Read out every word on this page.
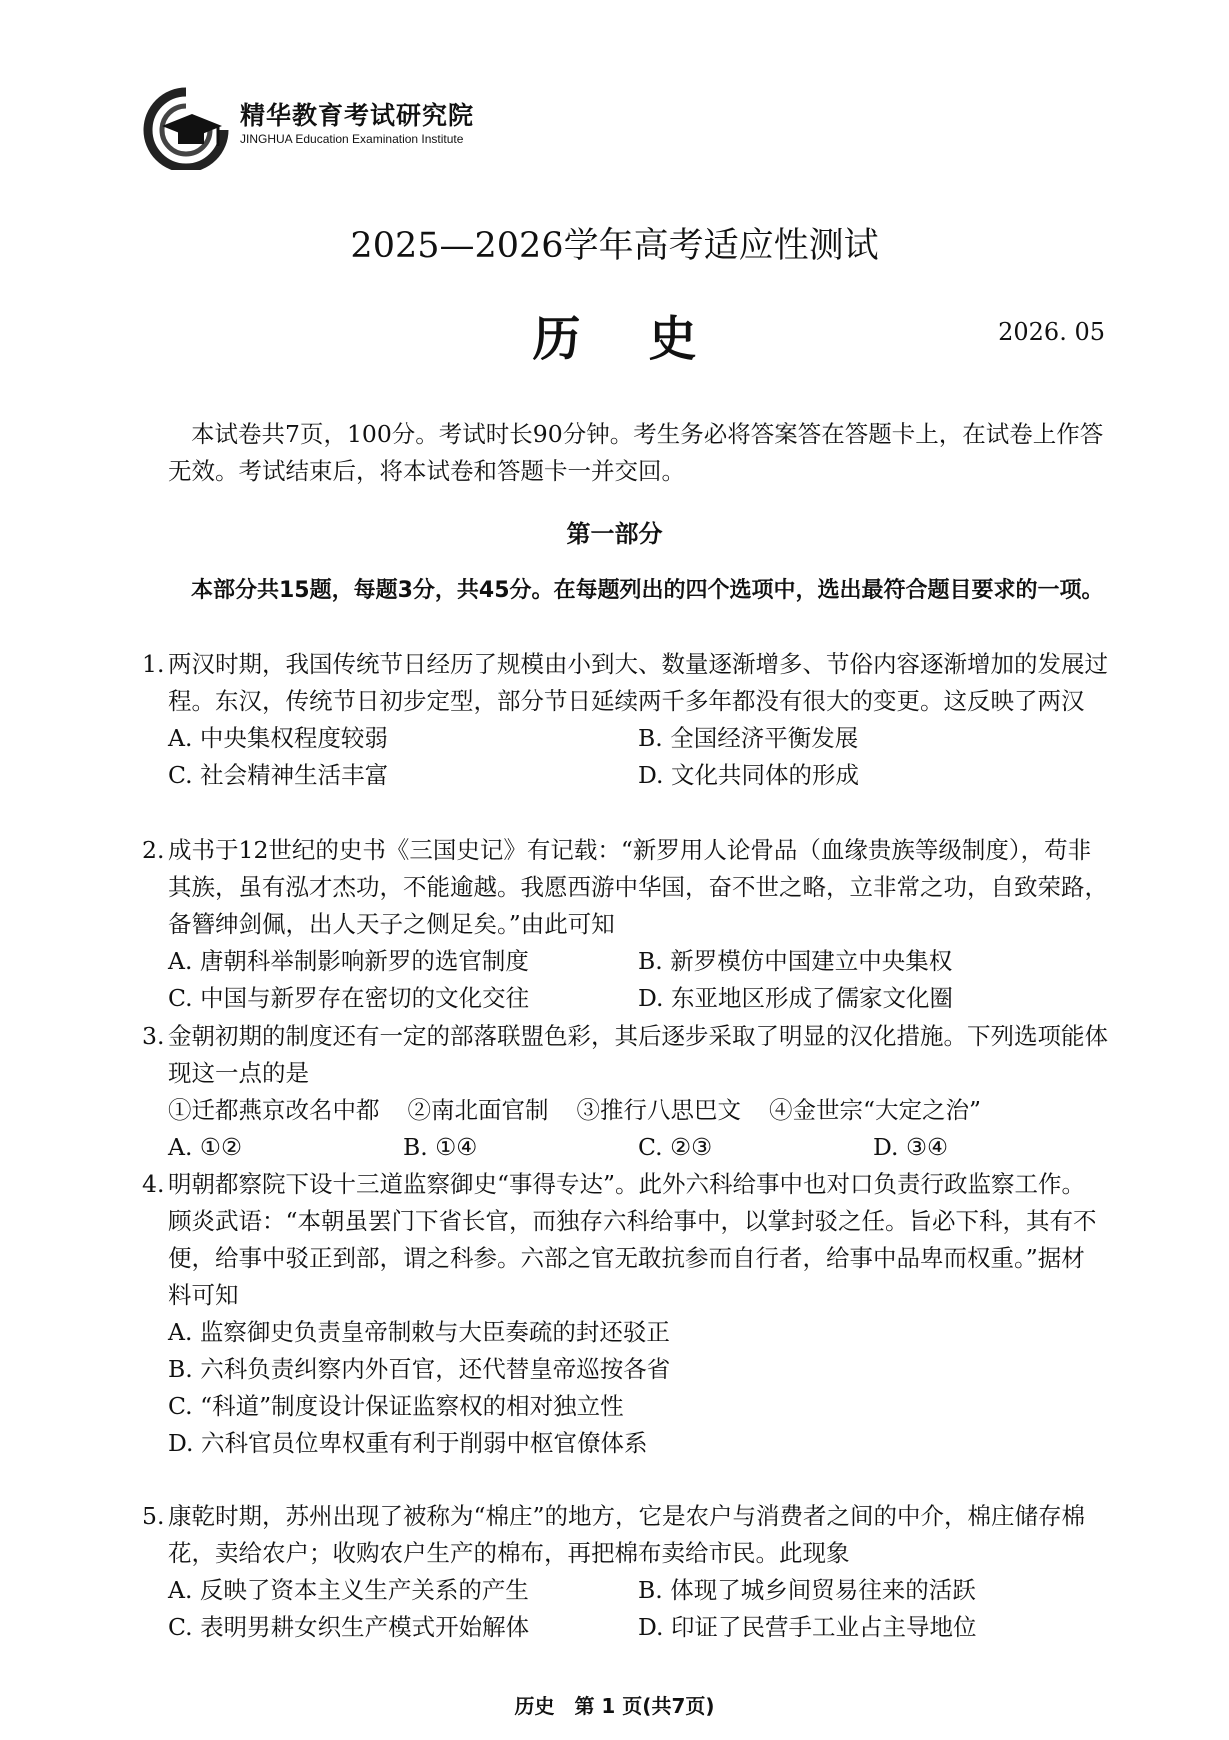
精华教育考试研究院
JINGHUA Education Examination Institute
2025—2026学年高考适应性测试
历史	2026. 05
本试卷共7页，100分。考试时长90分钟。考生务必将答案答在答题卡上，在试卷上作答无效。考试结束后，将本试卷和答题卡一并交回。
第一部分
本部分共15题，每题3分，共45分。在每题列出的四个选项中，选出最符合题目要求的一项。
1. 两汉时期，我国传统节日经历了规模由小到大、数量逐渐增多、节俗内容逐渐增加的发展过程。东汉，传统节日初步定型，部分节日延续两千多年都没有很大的变更。这反映了两汉
A. 中央集权程度较弱	B. 全国经济平衡发展
C. 社会精神生活丰富	D. 文化共同体的形成
2. 成书于12世纪的史书《三国史记》有记载：“新罗用人论骨品（血缘贵族等级制度），苟非其族，虽有泓才杰功，不能逾越。我愿西游中华国，奋不世之略，立非常之功，自致荣路，备簪绅剑佩，出人天子之侧足矣。”由此可知
A. 唐朝科举制影响新罗的选官制度	B. 新罗模仿中国建立中央集权
C. 中国与新罗存在密切的文化交往	D. 东亚地区形成了儒家文化圈
3. 金朝初期的制度还有一定的部落联盟色彩，其后逐步采取了明显的汉化措施。下列选项能体现这一点的是
①迁都燕京改名中都 ②南北面官制 ③推行八思巴文 ④金世宗“大定之治”
A. ①②	B. ①④	C. ②③	D. ③④
4. 明朝都察院下设十三道监察御史“事得专达”。此外六科给事中也对口负责行政监察工作。顾炎武语：“本朝虽罢门下省长官，而独存六科给事中，以掌封驳之任。旨必下科，其有不便，给事中驳正到部，谓之科参。六部之官无敢抗参而自行者，给事中品卑而权重。”据材料可知
A. 监察御史负责皇帝制敕与大臣奏疏的封还驳正
B. 六科负责纠察内外百官，还代替皇帝巡按各省
C. “科道”制度设计保证监察权的相对独立性
D. 六科官员位卑权重有利于削弱中枢官僚体系
5. 康乾时期，苏州出现了被称为“棉庄”的地方，它是农户与消费者之间的中介，棉庄储存棉花，卖给农户；收购农户生产的棉布，再把棉布卖给市民。此现象
A. 反映了资本主义生产关系的产生	B. 体现了城乡间贸易往来的活跃
C. 表明男耕女织生产模式开始解体	D. 印证了民营手工业占主导地位
历史　第 1 页(共7页)
